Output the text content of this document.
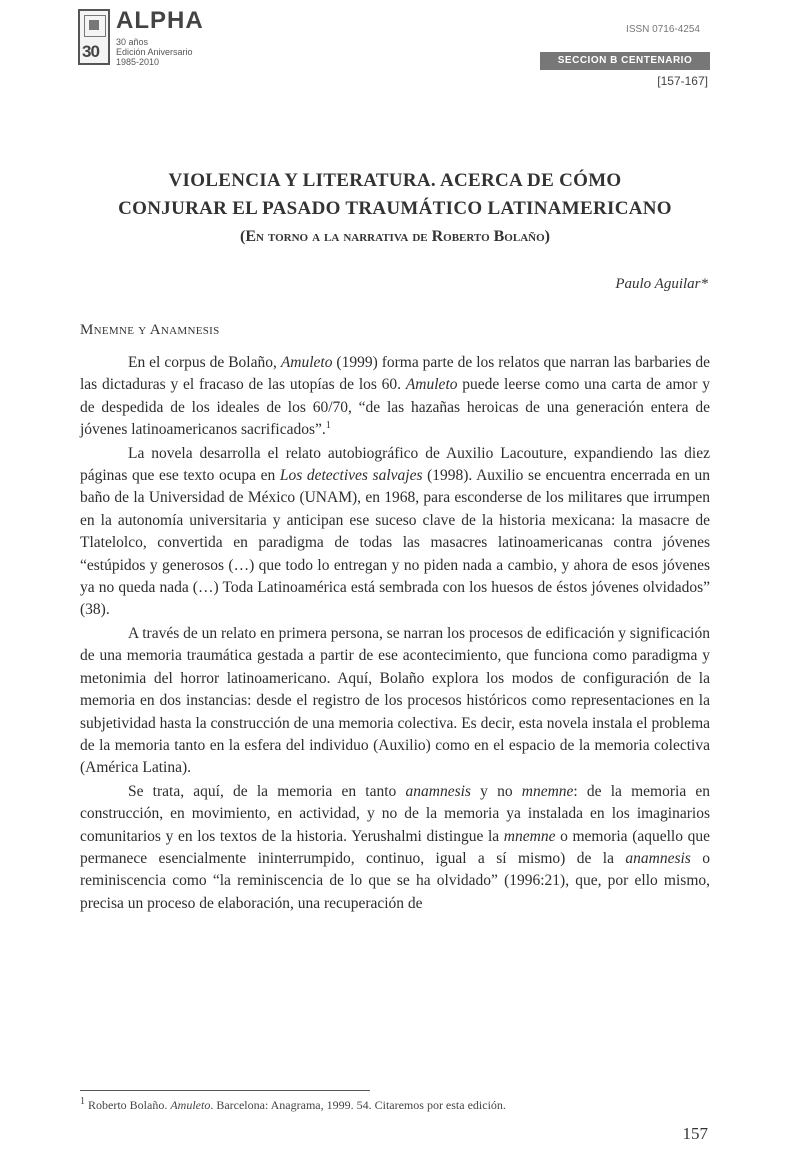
30
ALPHA
30 años
Edición Aniversario
1985-2010
ISSN 0716-4254
SECCION B CENTENARIO
[157-167]
VIOLENCIA Y LITERATURA. ACERCA DE CÓMO
CONJURAR EL PASADO TRAUMÁTICO LATINAMERICANO
(En torno a la narrativa de Roberto Bolaño)
Paulo Aguilar*
Mnemne y Anamnesis

En el corpus de Bolaño, Amuleto (1999) forma parte de los relatos que narran las barbaries de las dictaduras y el fracaso de las utopías de los 60. Amuleto puede leerse como una carta de amor y de despedida de los ideales de los 60/70, “de las hazañas heroicas de una generación entera de jóvenes latinoamericanos sacrificados”.$^1$

La novela desarrolla el relato autobiográfico de Auxilio Lacouture, expandiendo las diez páginas que ese texto ocupa en Los detectives salvajes (1998). Auxilio se encuentra encerrada en un baño de la Universidad de México (UNAM), en 1968, para esconderse de los militares que irrumpen en la autonomía universitaria y anticipan ese suceso clave de la historia mexicana: la masacre de Tlatelolco, convertida en paradigma de todas las masacres latinoamericanas contra jóvenes “estúpidos y generosos (…) que todo lo entregan y no piden nada a cambio, y ahora de esos jóvenes ya no queda nada (…) Toda Latinoamérica está sembrada con los huesos de éstos jóvenes olvidados” (38).

A través de un relato en primera persona, se narran los procesos de edificación y significación de una memoria traumática gestada a partir de ese acontecimiento, que funciona como paradigma y metonimia del horror latinoamericano. Aquí, Bolaño explora los modos de configuración de la memoria en dos instancias: desde el registro de los procesos históricos como representaciones en la subjetividad hasta la construcción de una memoria colectiva. Es decir, esta novela instala el problema de la memoria tanto en la esfera del individuo (Auxilio) como en el espacio de la memoria colectiva (América Latina).

Se trata, aquí, de la memoria en tanto anamnesis y no mnemne: de la memoria en construcción, en movimiento, en actividad, y no de la memoria ya instalada en los imaginarios comunitarios y en los textos de la historia. Yerushalmi distingue la mnemne o memoria (aquello que permanece esencialmente ininterrumpido, continuo, igual a sí mismo) de la anamnesis o reminiscencia como “la reminiscencia de lo que se ha olvidado” (1996:21), que, por ello mismo, precisa un proceso de elaboración, una recuperación de

$^1$ Roberto Bolaño. Amuleto. Barcelona: Anagrama, 1999. 54. Citaremos por esta edición.
157
